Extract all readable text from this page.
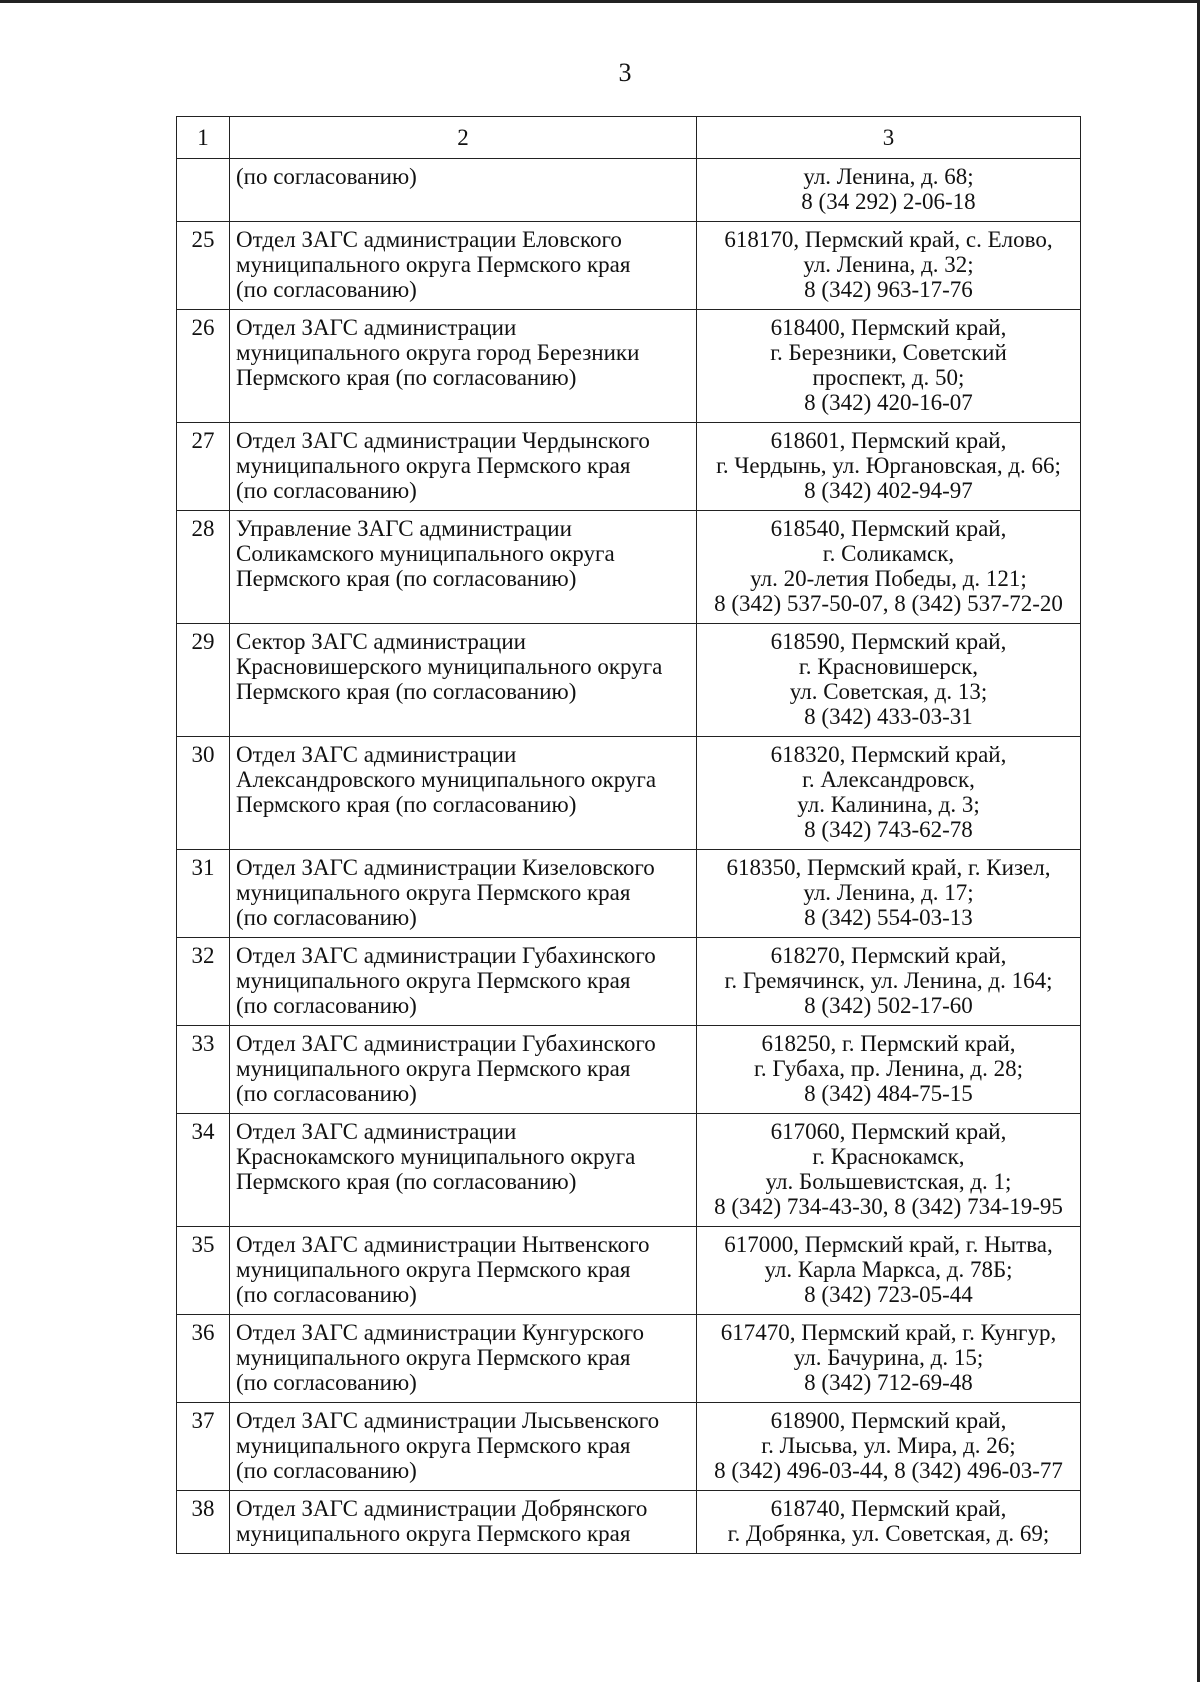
3
1	2	3

	(по согласованию)	ул. Ленина, д. 68;
8 (34 292) 2-06-18

25	Отдел ЗАГС администрации Еловского
муниципального округа Пермского края
(по согласованию)	618170, Пермский край, с. Елово,
ул. Ленина, д. 32;
8 (342) 963-17-76

26	Отдел ЗАГС администрации
муниципального округа город Березники
Пермского края (по согласованию)	618400, Пермский край,
г. Березники, Советский
проспект, д. 50;
8 (342) 420-16-07

27	Отдел ЗАГС администрации Чердынского
муниципального округа Пермского края
(по согласованию)	618601, Пермский край,
г. Чердынь, ул. Юргановская, д. 66;
8 (342) 402-94-97

28	Управление ЗАГС администрации
Соликамского муниципального округа
Пермского края (по согласованию)	618540, Пермский край,
г. Соликамск,
ул. 20-летия Победы, д. 121;
8 (342) 537-50-07, 8 (342) 537-72-20

29	Сектор ЗАГС администрации
Красновишерского муниципального округа
Пермского края (по согласованию)	618590, Пермский край,
г. Красновишерск,
ул. Советская, д. 13;
8 (342) 433-03-31

30	Отдел ЗАГС администрации
Александровского муниципального округа
Пермского края (по согласованию)	618320, Пермский край,
г. Александровск,
ул. Калинина, д. 3;
8 (342) 743-62-78

31	Отдел ЗАГС администрации Кизеловского
муниципального округа Пермского края
(по согласованию)	618350, Пермский край, г. Кизел,
ул. Ленина, д. 17;
8 (342) 554-03-13

32	Отдел ЗАГС администрации Губахинского
муниципального округа Пермского края
(по согласованию)	618270, Пермский край,
г. Гремячинск, ул. Ленина, д. 164;
8 (342) 502-17-60

33	Отдел ЗАГС администрации Губахинского
муниципального округа Пермского края
(по согласованию)	618250, г. Пермский край,
г. Губаха, пр. Ленина, д. 28;
8 (342) 484-75-15

34	Отдел ЗАГС администрации
Краснокамского муниципального округа
Пермского края (по согласованию)	617060, Пермский край,
г. Краснокамск,
ул. Большевистская, д. 1;
8 (342) 734-43-30, 8 (342) 734-19-95

35	Отдел ЗАГС администрации Нытвенского
муниципального округа Пермского края
(по согласованию)	617000, Пермский край, г. Нытва,
ул. Карла Маркса, д. 78Б;
8 (342) 723-05-44

36	Отдел ЗАГС администрации Кунгурского
муниципального округа Пермского края
(по согласованию)	617470, Пермский край, г. Кунгур,
ул. Бачурина, д. 15;
8 (342) 712-69-48

37	Отдел ЗАГС администрации Лысьвенского
муниципального округа Пермского края
(по согласованию)	618900, Пермский край,
г. Лысьва, ул. Мира, д. 26;
8 (342) 496-03-44, 8 (342) 496-03-77

38	Отдел ЗАГС администрации Добрянского
муниципального округа Пермского края	618740, Пермский край,
г. Добрянка, ул. Советская, д. 69;
